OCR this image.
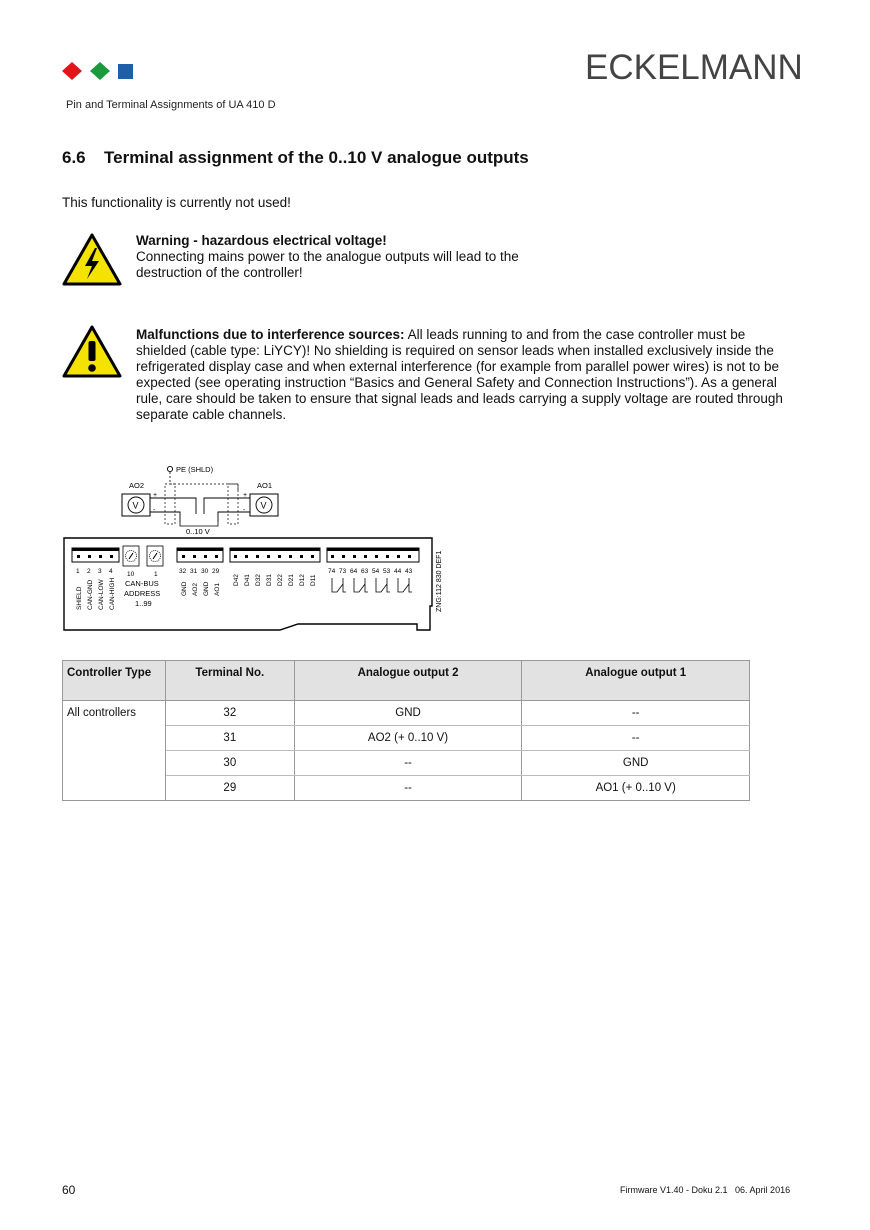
ECKELMANN
Pin and Terminal Assignments of UA 410 D
6.6 Terminal assignment of the 0..10 V analogue outputs
This functionality is currently not used!
Warning - hazardous electrical voltage!
Connecting mains power to the analogue outputs will lead to the destruction of the controller!
Malfunctions due to interference sources: All leads running to and from the case controller must be shielded (cable type: LiYCY)! No shielding is required on sensor leads when installed exclusively inside the refrigerated display case and when external interference (for example from parallel power wires) is not to be expected (see operating instruction “Basics and General Safety and Connection Instructions”). As a general rule, care should be taken to ensure that signal leads and leads carrying a supply voltage are routed through separate cable channels.
PE (SHLD)
AO2
V
+
-
AO1
V
+
-
0..10 V
1 2 3 4
SHIELD CAN-GND CAN-LOW CAN-HIGH
10	1
CAN-BUS
ADDRESS
1..99
32 31 30 29
GND AO2 GND AO1
D42 D41 D32 D31 D22 D21 D12 D11
74 73 64 63 54 53 44 43	ZNG:112 830 DEF1
Controller Type	Terminal No.	Analogue output 2	Analogue output 1
All controllers	32	GND	--
	31	AO2 (+ 0..10 V)	--
	30	--	GND
	29	--	AO1 (+ 0..10 V)
60	Firmware V1.40 - Doku 2.1   06. April 2016
